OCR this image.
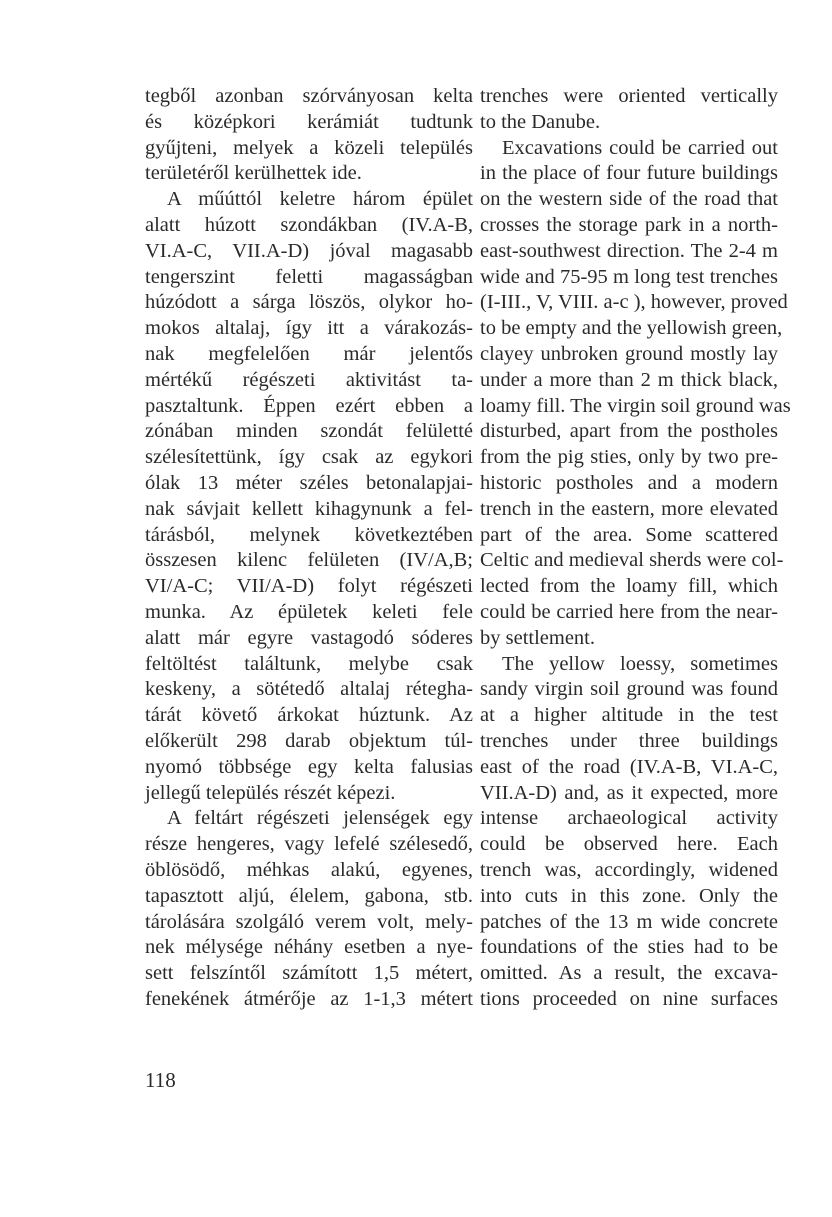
tegből azonban szórványosan kelta
és középkori kerámiát tudtunk
gyűjteni, melyek a közeli település
területéről kerülhettek ide.
A műúttól keletre három épület
alatt húzott szondákban (IV.A-B,
VI.A-C, VII.A-D) jóval magasabb
tengerszint feletti magasságban
húzódott a sárga löszös, olykor ho-
mokos altalaj, így itt a várakozás-
nak megfelelően már jelentős
mértékű régészeti aktivitást ta-
pasztaltunk. Éppen ezért ebben a
zónában minden szondát felületté
szélesítettünk, így csak az egykori
ólak 13 méter széles betonalapjai-
nak sávjait kellett kihagynunk a fel-
tárásból, melynek következtében
összesen kilenc felületen (IV/A,B;
VI/A-C; VII/A-D) folyt régészeti
munka. Az épületek keleti fele
alatt már egyre vastagodó sóderes
feltöltést találtunk, melybe csak
keskeny, a sötétedő altalaj rétegha-
tárát követő árkokat húztunk. Az
előkerült 298 darab objektum túl-
nyomó többsége egy kelta falusias
jellegű település részét képezi.
A feltárt régészeti jelenségek egy
része hengeres, vagy lefelé szélesedő,
öblösödő, méhkas alakú, egyenes,
tapasztott aljú, élelem, gabona, stb.
tárolására szolgáló verem volt, mely-
nek mélysége néhány esetben a nye-
sett felszíntől számított 1,5 métert,
fenekének átmérője az 1-1,3 métert
trenches were oriented vertically
to the Danube.
Excavations could be carried out
in the place of four future buildings
on the western side of the road that
crosses the storage park in a north-
east-southwest direction. The 2-4 m
wide and 75-95 m long test trenches
(I-III., V, VIII. a-c ), however, proved
to be empty and the yellowish green,
clayey unbroken ground mostly lay
under a more than 2 m thick black,
loamy fill. The virgin soil ground was
disturbed, apart from the postholes
from the pig sties, only by two pre-
historic postholes and a modern
trench in the eastern, more elevated
part of the area. Some scattered
Celtic and medieval sherds were col-
lected from the loamy fill, which
could be carried here from the near-
by settlement.
The yellow loessy, sometimes
sandy virgin soil ground was found
at a higher altitude in the test
trenches under three buildings
east of the road (IV.A-B, VI.A-C,
VII.A-D) and, as it expected, more
intense archaeological activity
could be observed here. Each
trench was, accordingly, widened
into cuts in this zone. Only the
patches of the 13 m wide concrete
foundations of the sties had to be
omitted. As a result, the excava-
tions proceeded on nine surfaces
118
